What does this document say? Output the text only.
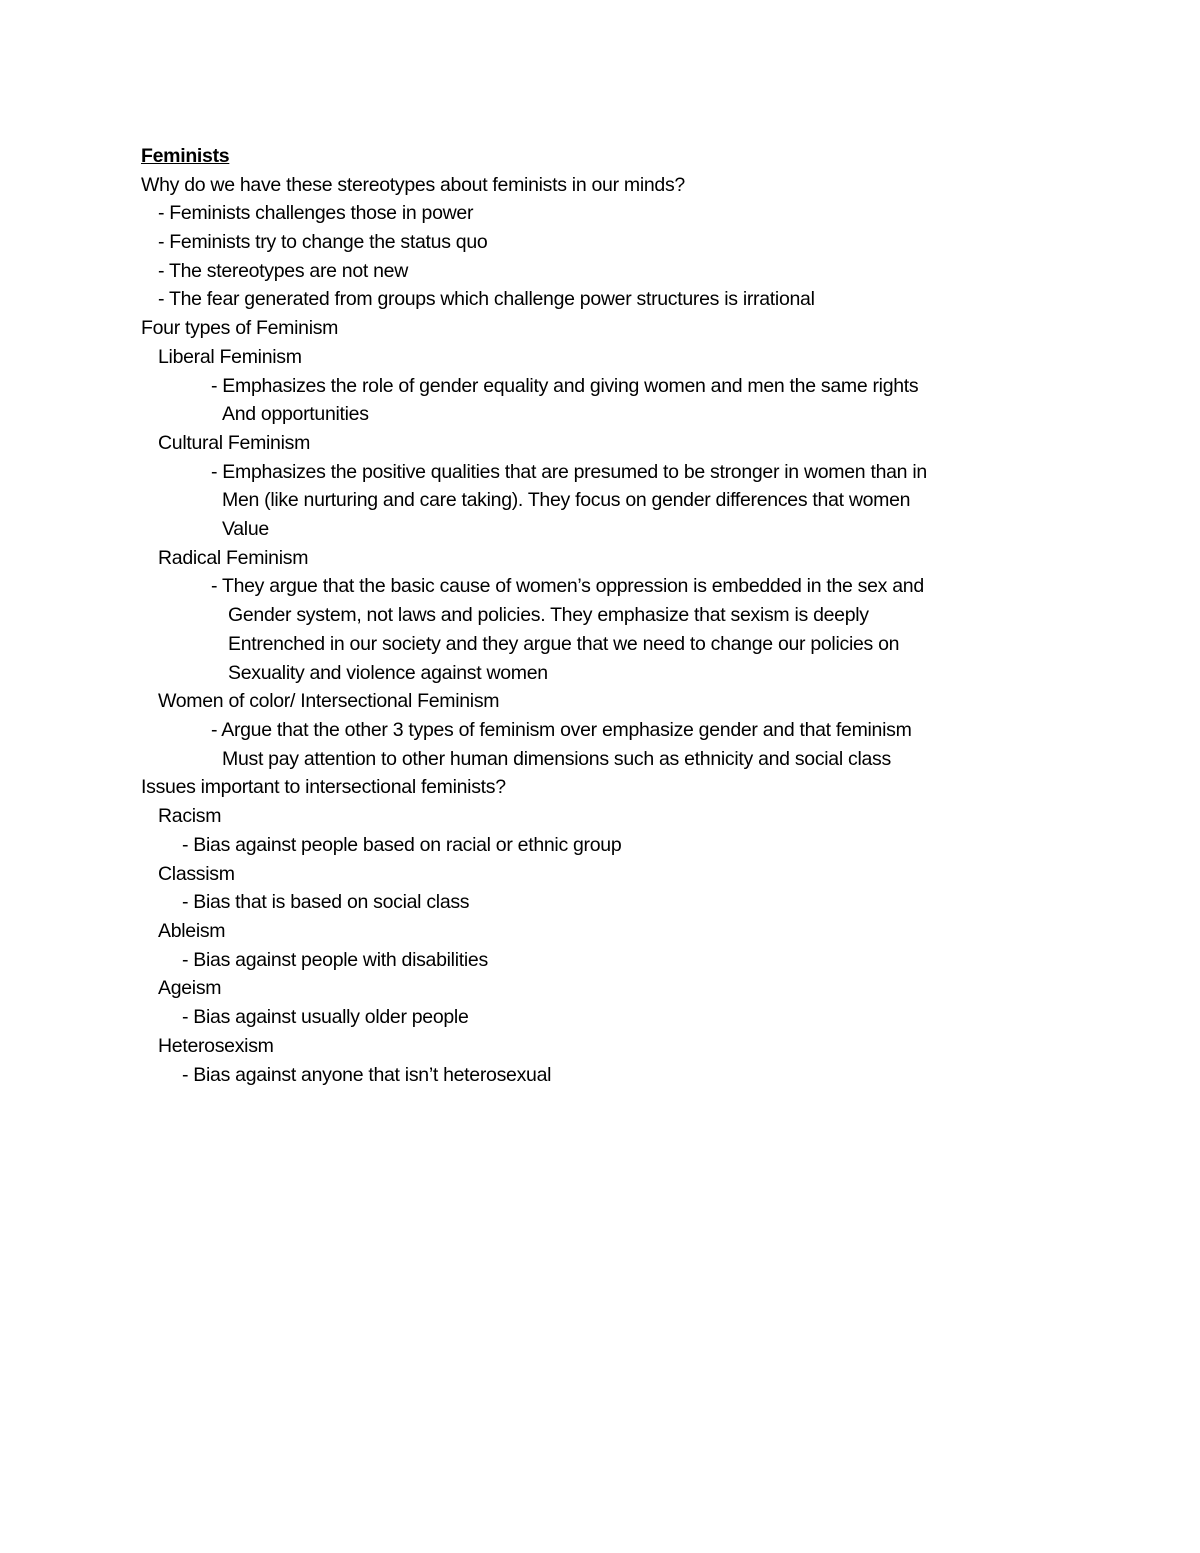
Feminists
Why do we have these stereotypes about feminists in our minds?
- Feminists challenges those in power
- Feminists try to change the status quo
- The stereotypes are not new
- The fear generated from groups which challenge power structures is irrational
Four types of Feminism
Liberal Feminism
- Emphasizes the role of gender equality and giving women and men the same rights
And opportunities
Cultural Feminism
- Emphasizes the positive qualities that are presumed to be stronger in women than in
Men (like nurturing and care taking). They focus on gender differences that women
Value
Radical Feminism
- They argue that the basic cause of women’s oppression is embedded in the sex and
Gender system, not laws and policies. They emphasize that sexism is deeply
Entrenched in our society and they argue that we need to change our policies on
Sexuality and violence against women
Women of color/ Intersectional Feminism
- Argue that the other 3 types of feminism over emphasize gender and that feminism
Must pay attention to other human dimensions such as ethnicity and social class
Issues important to intersectional feminists?
Racism
- Bias against people based on racial or ethnic group
Classism
- Bias that is based on social class
Ableism
- Bias against people with disabilities
Ageism
- Bias against usually older people
Heterosexism
- Bias against anyone that isn’t heterosexual
